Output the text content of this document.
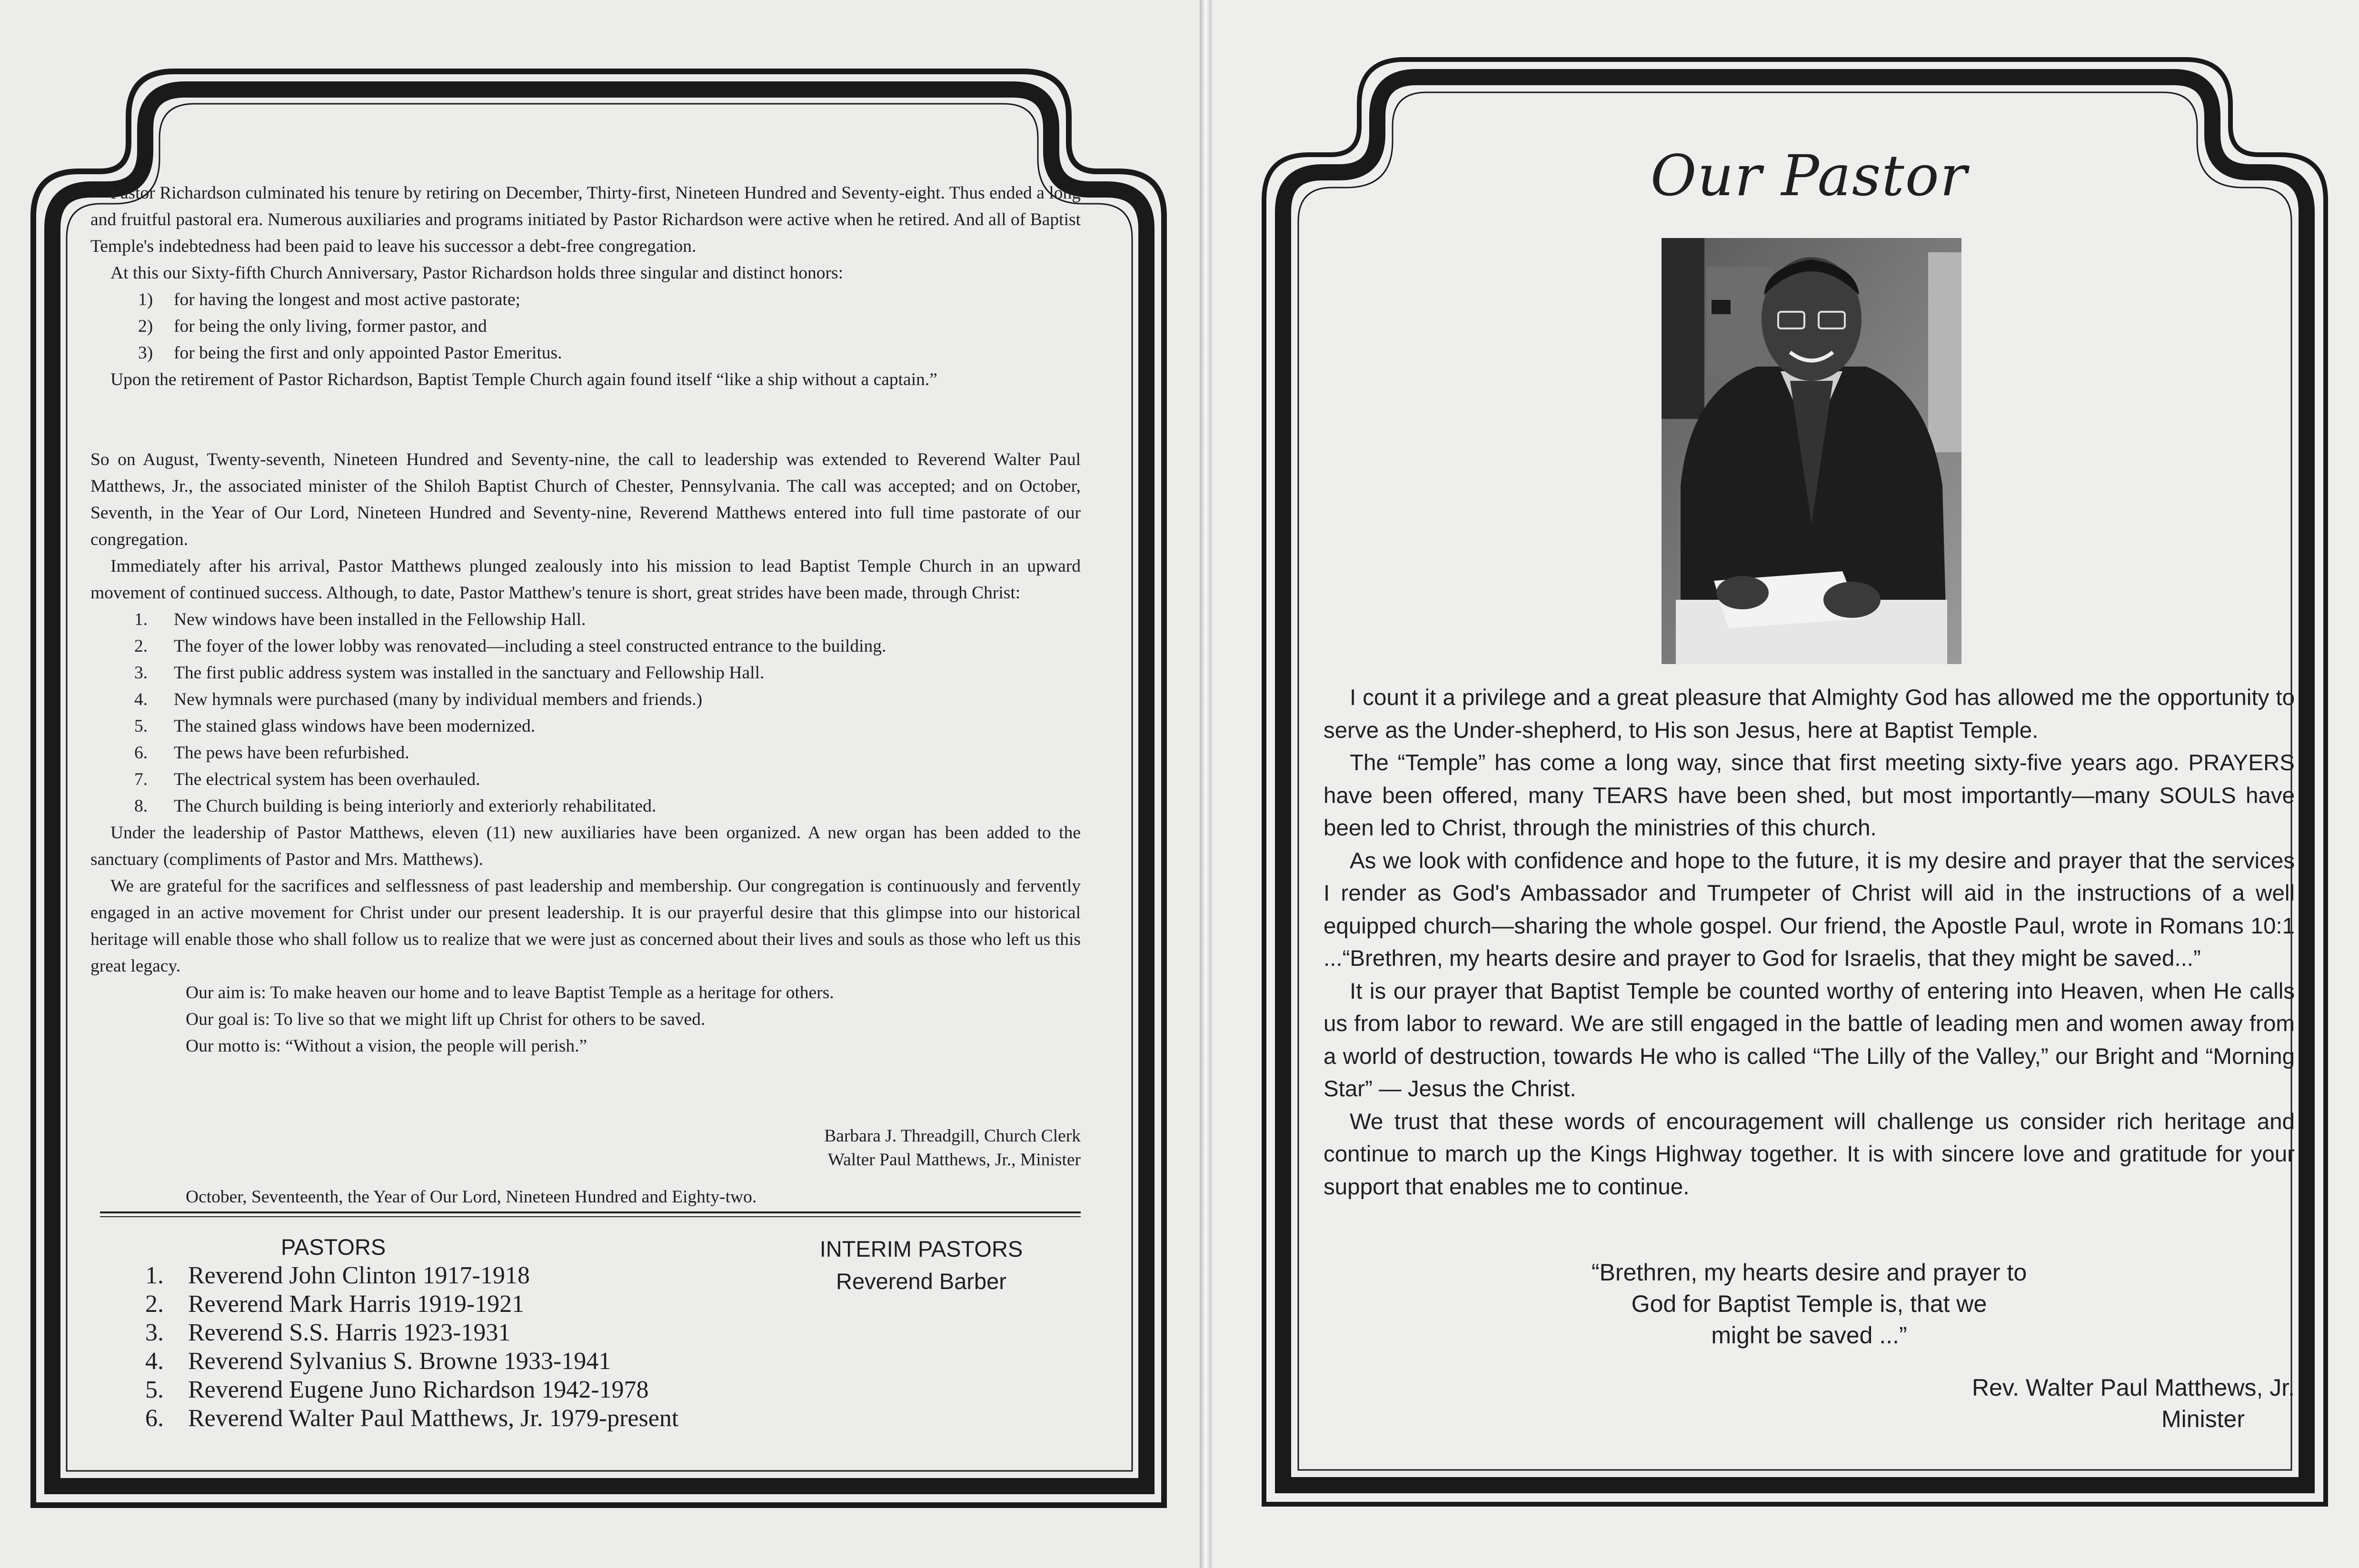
Pastor Richardson culminated his tenure by retiring on December, Thirty-first, Nineteen Hundred and Seventy-eight. Thus ended a long and fruitful pastoral era. Numerous auxiliaries and programs initiated by Pastor Richardson were active when he retired. And all of Baptist Temple's indebtedness had been paid to leave his successor a debt-free congregation.

At this our Sixty-fifth Church Anniversary, Pastor Richardson holds three singular and distinct honors:

1) for having the longest and most active pastorate;

2) for being the only living, former pastor, and

3) for being the first and only appointed Pastor Emeritus.

Upon the retirement of Pastor Richardson, Baptist Temple Church again found itself “like a ship without a captain.”

So on August, Twenty-seventh, Nineteen Hundred and Seventy-nine, the call to leadership was extended to Reverend Walter Paul Matthews, Jr., the associated minister of the Shiloh Baptist Church of Chester, Pennsylvania. The call was accepted; and on October, Seventh, in the Year of Our Lord, Nineteen Hundred and Seventy-nine, Reverend Matthews entered into full time pastorate of our congregation.

Immediately after his arrival, Pastor Matthews plunged zealously into his mission to lead Baptist Temple Church in an upward movement of continued success. Although, to date, Pastor Matthew's tenure is short, great strides have been made, through Christ:

1. New windows have been installed in the Fellowship Hall.

2. The foyer of the lower lobby was renovated—including a steel constructed entrance to the building.

3. The first public address system was installed in the sanctuary and Fellowship Hall.

4. New hymnals were purchased (many by individual members and friends.)

5. The stained glass windows have been modernized.

6. The pews have been refurbished.

7. The electrical system has been overhauled.

8. The Church building is being interiorly and exteriorly rehabilitated.

Under the leadership of Pastor Matthews, eleven (11) new auxiliaries have been organized. A new organ has been added to the sanctuary (compliments of Pastor and Mrs. Matthews).

We are grateful for the sacrifices and selflessness of past leadership and membership. Our congregation is continuously and fervently engaged in an active movement for Christ under our present leadership. It is our prayerful desire that this glimpse into our historical heritage will enable those who shall follow us to realize that we were just as concerned about their lives and souls as those who left us this great legacy.

Our aim is: To make heaven our home and to leave Baptist Temple as a heritage for others.

Our goal is: To live so that we might lift up Christ for others to be saved.

Our motto is: “Without a vision, the people will perish.”

Barbara J. Threadgill, Church Clerk
Walter Paul Matthews, Jr., Minister
October, Seventeenth, the Year of Our Lord, Nineteen Hundred and Eighty-two.
PASTORS
1. Reverend John Clinton 1917-1918
2. Reverend Mark Harris 1919-1921
3. Reverend S.S. Harris 1923-1931
4. Reverend Sylvanius S. Browne 1933-1941
5. Reverend Eugene Juno Richardson 1942-1978
6. Reverend Walter Paul Matthews, Jr. 1979-present
INTERIM PASTORS
Reverend Barber
Our Pastor

I count it a privilege and a great pleasure that Almighty God has allowed me the opportunity to serve as the Under-shepherd, to His son Jesus, here at Baptist Temple.

The “Temple” has come a long way, since that first meeting sixty-five years ago. PRAYERS have been offered, many TEARS have been shed, but most importantly—many SOULS have been led to Christ, through the ministries of this church.

As we look with confidence and hope to the future, it is my desire and prayer that the services I render as God's Ambassador and Trumpeter of Christ will aid in the instructions of a well equipped church—sharing the whole gospel. Our friend, the Apostle Paul, wrote in Romans 10:1 ...“Brethren, my hearts desire and prayer to God for Israelis, that they might be saved...”

It is our prayer that Baptist Temple be counted worthy of entering into Heaven, when He calls us from labor to reward. We are still engaged in the battle of leading men and women away from a world of destruction, towards He who is called “The Lilly of the Valley,” our Bright and “Morning Star” — Jesus the Christ.

We trust that these words of encouragement will challenge us consider rich heritage and continue to march up the Kings Highway together. It is with sincere love and gratitude for your support that enables me to continue.

“Brethren, my hearts desire and prayer to
God for Baptist Temple is, that we
might be saved ...”
Rev. Walter Paul Matthews, Jr.
Minister
